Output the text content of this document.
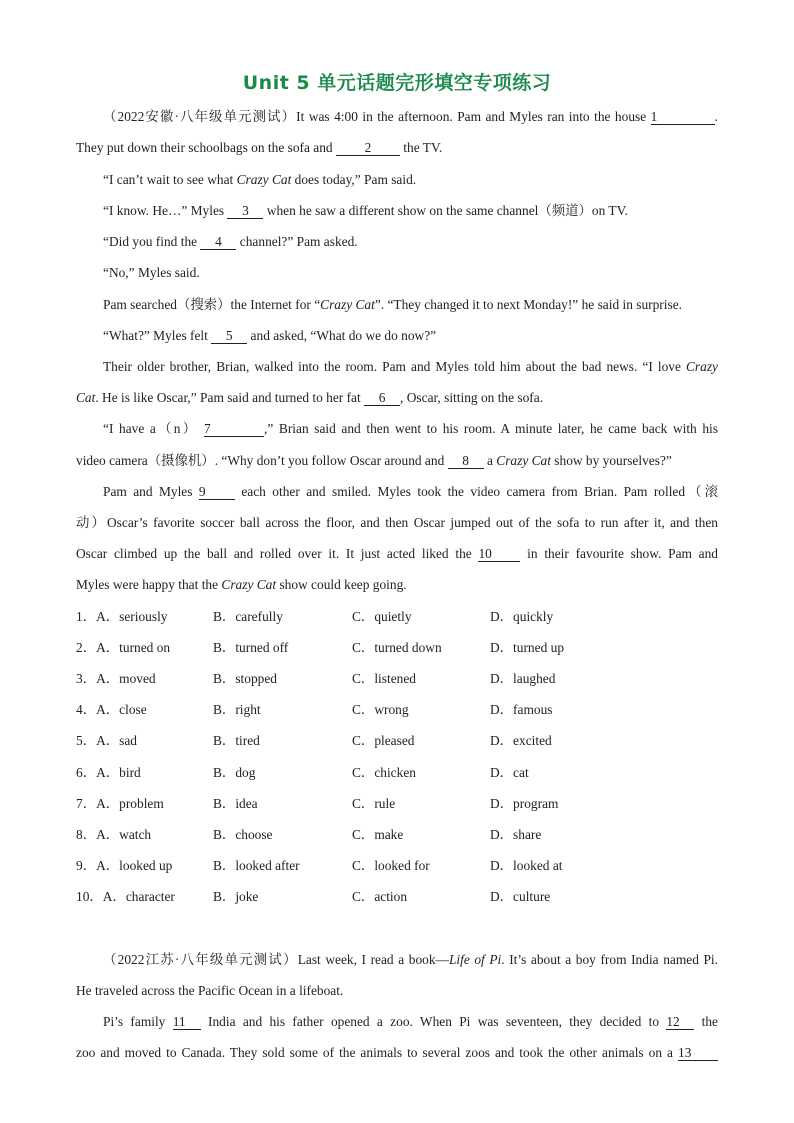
Unit 5 单元话题完形填空专项练习
（2022安徽·八年级单元测试）It was 4:00 in the afternoon. Pam and Myles ran into the house 1	.
They put down their schoolbags on the sofa and 2 the TV.
“I can’t wait to see what Crazy Cat does today,” Pam said.
“I know. He…” Myles 3 when he saw a different show on the same channel（频道）on TV.
“Did you find the 4 channel?” Pam asked.
“No,” Myles said.
Pam searched（搜索）the Internet for “Crazy Cat”. “They changed it to next Monday!” he said in surprise.
“What?” Myles felt 5 and asked, “What do we do now?”
Their older brother, Brian, walked into the room. Pam and Myles told him about the bad news. “I love Crazy
Cat. He is like Oscar,” Pam said and turned to her fat 6 , Oscar, sitting on the sofa.
“I have a（n） 7	,” Brian said and then went to his room. A minute later, he came back with his
video camera（摄像机）. “Why don’t you follow Oscar around and 8 a Crazy Cat show by yourselves?”
Pam and Myles 9 each other and smiled. Myles took the video camera from Brian. Pam rolled（滚
动）Oscar’s favorite soccer ball across the floor, and then Oscar jumped out of the sofa to run after it, and then
Oscar climbed up the ball and rolled over it. It just acted liked the 10 in their favourite show. Pam and
Myles were happy that the Crazy Cat show could keep going.
1．A．seriously	B．carefully	C．quietly	D．quickly
2．A．turned on	B．turned off	C．turned down	D．turned up
3．A．moved	B．stopped	C．listened	D．laughed
4．A．close	B．right	C．wrong	D．famous
5．A．sad	B．tired	C．pleased	D．excited
6．A．bird	B．dog	C．chicken	D．cat
7．A．problem	B．idea	C．rule	D．program
8．A．watch	B．choose	C．make	D．share
9．A．looked up	B．looked after	C．looked for	D．looked at
10．A．character	B．joke	C．action	D．culture
（2022江苏·八年级单元测试）Last week, I read a book—Life of Pi. It’s about a boy from India named Pi.
He traveled across the Pacific Ocean in a lifeboat.
Pi’s family 11 India and his father opened a zoo. When Pi was seventeen, they decided to 12 the
zoo and moved to Canada. They sold some of the animals to several zoos and took the other animals on a 13
